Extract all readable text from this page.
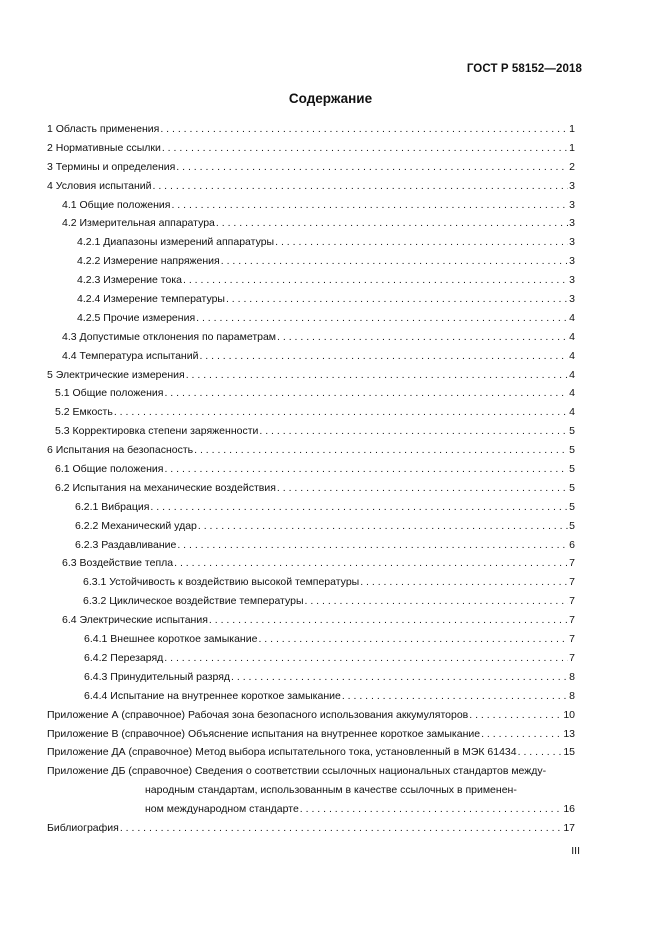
ГОСТ Р 58152—2018
Содержание
1 Область применения . . .	1
2 Нормативные ссылки . . .	1
3 Термины и определения . . .	2
4 Условия испытаний . . .	3
4.1 Общие положения . . .	3
4.2 Измерительная аппаратура . . .	3
4.2.1 Диапазоны измерений аппаратуры . . .	3
4.2.2 Измерение напряжения . . .	3
4.2.3 Измерение тока . . .	3
4.2.4 Измерение температуры . . .	3
4.2.5 Прочие измерения . . .	4
4.3 Допустимые отклонения по параметрам . . .	4
4.4 Температура испытаний . . .	4
5 Электрические измерения . . .	4
5.1 Общие положения . . .	4
5.2 Емкость . . .	4
5.3 Корректировка степени заряженности . . .	5
6 Испытания на безопасность . . .	5
6.1 Общие положения . . .	5
6.2 Испытания на механические воздействия . . .	5
6.2.1 Вибрация . . .	5
6.2.2 Механический удар . . .	5
6.2.3 Раздавливание . . .	6
6.3 Воздействие тепла . . .	7
6.3.1 Устойчивость к воздействию высокой температуры . . .	7
6.3.2 Циклическое воздействие температуры . . .	7
6.4 Электрические испытания . . .	7
6.4.1 Внешнее короткое замыкание . . .	7
6.4.2 Перезаряд . . .	7
6.4.3 Принудительный разряд . . .	8
6.4.4 Испытание на внутреннее короткое замыкание . . .	8
Приложение А (справочное) Рабочая зона безопасного использования аккумуляторов . . .	10
Приложение В (справочное) Объяснение испытания на внутреннее короткое замыкание . . .	13
Приложение ДА (справочное) Метод выбора испытательного тока, установленный в МЭК 61434 . . .	15
Приложение ДБ (справочное) Сведения о соответствии ссылочных национальных стандартов между-
народным стандартам, использованным в качестве ссылочных в применен-
ном международном стандарте . . .	16
Библиография . . .	17
III
